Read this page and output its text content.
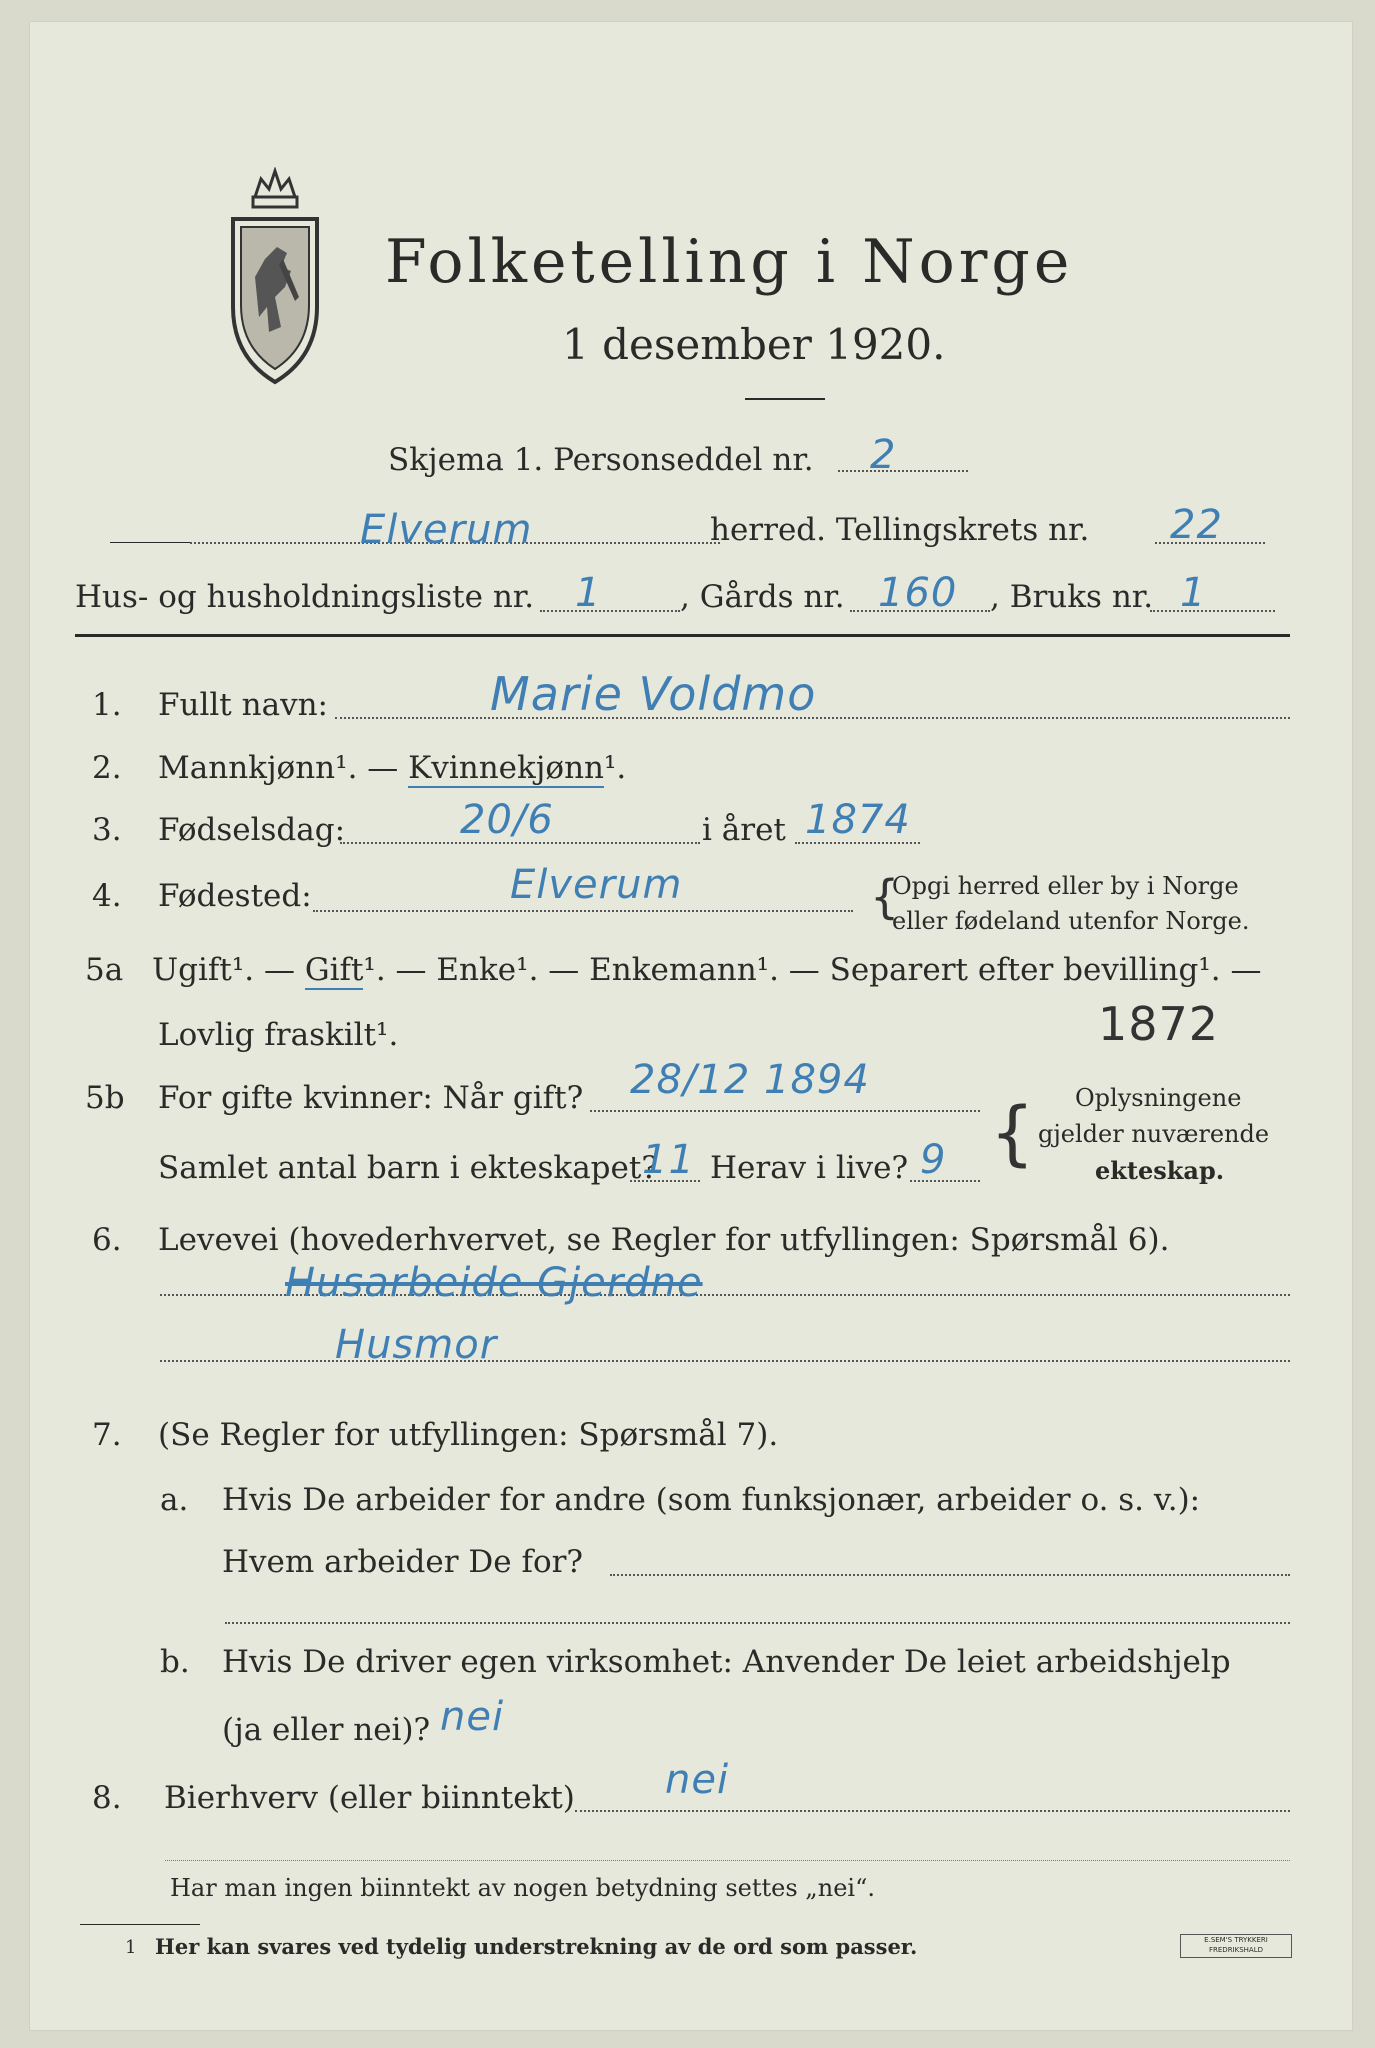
Folketelling i Norge
1 desember 1920.
Skjema 1. Personseddel nr. 2
Elverum	herred. Tellingskrets nr. 22
Hus- og husholdningsliste nr. 1	, Gårds nr. 160 , Bruks nr. 1
1. Fullt navn:	Marie Voldmo
2. Mannkjønn¹. — Kvinnekjønn¹.
3. Fødselsdag:	20/6	i året 1874
4. Fødested:	Elverum	{
Opgi herred eller by i Norge
eller fødeland utenfor Norge.
5a Ugift¹. — Gift¹. — Enke¹. — Enkemann¹. — Separert efter bevilling¹. —
Lovlig fraskilt¹.	1872
5b For gifte kvinner: Når gift? 28/12 1894
{ Oplysningene
gjelder nuværende
ekteskap.
Samlet antal barn i ekteskapet?
11 Herav i live? 9
6. Levevei (hovederhvervet, se Regler for utfyllingen: Spørsmål 6).
Husarbeide Gjerdne
Husmor
7. (Se Regler for utfyllingen: Spørsmål 7).
a. Hvis De arbeider for andre (som funksjonær, arbeider o. s. v.):
Hvem arbeider De for?
b. Hvis De driver egen virksomhet: Anvender De leiet arbeidshjelp
(ja eller nei)? nei
8. Bierhverv (eller biinntekt) nei
Har man ingen biinntekt av nogen betydning settes „nei“.
1 Her kan svares ved tydelig understrekning av de ord som passer.	E.SEM'S TRYKKERI FREDRIKSHALD
